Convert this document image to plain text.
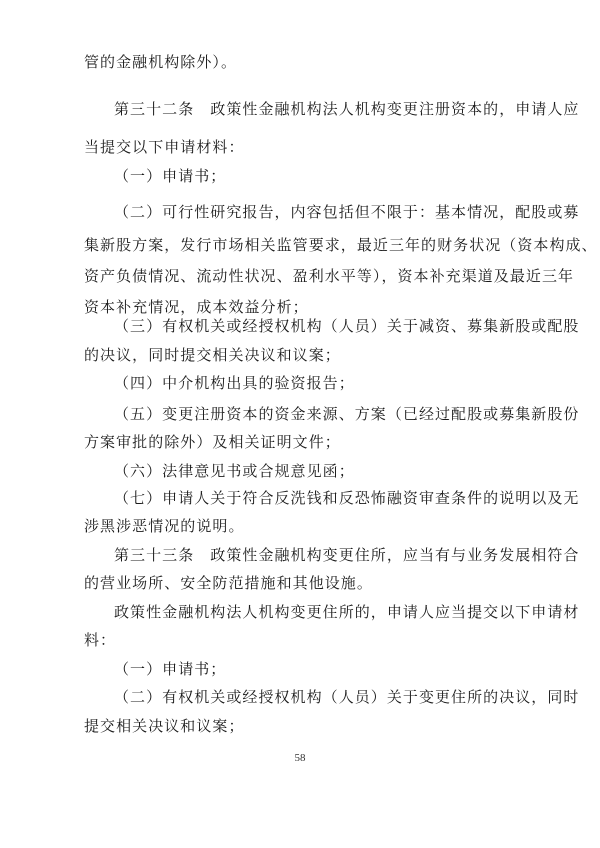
管的金融机构除外）。
第三十二条　政策性金融机构法人机构变更注册资本的，申请人应
当提交以下申请材料：
（一）申请书；
（二）可行性研究报告，内容包括但不限于：基本情况，配股或募
集新股方案，发行市场相关监管要求，最近三年的财务状况（资本构成、
资产负债情况、流动性状况、盈利水平等），资本补充渠道及最近三年
资本补充情况，成本效益分析；
（三）有权机关或经授权机构（人员）关于减资、募集新股或配股
的决议，同时提交相关决议和议案；
（四）中介机构出具的验资报告；
（五）变更注册资本的资金来源、方案（已经过配股或募集新股份
方案审批的除外）及相关证明文件；
（六）法律意见书或合规意见函；
（七）申请人关于符合反洗钱和反恐怖融资审查条件的说明以及无
涉黑涉恶情况的说明。
第三十三条　政策性金融机构变更住所，应当有与业务发展相符合
的营业场所、安全防范措施和其他设施。
政策性金融机构法人机构变更住所的，申请人应当提交以下申请材
料：
（一）申请书；
（二）有权机关或经授权机构（人员）关于变更住所的决议，同时
提交相关决议和议案；
58
